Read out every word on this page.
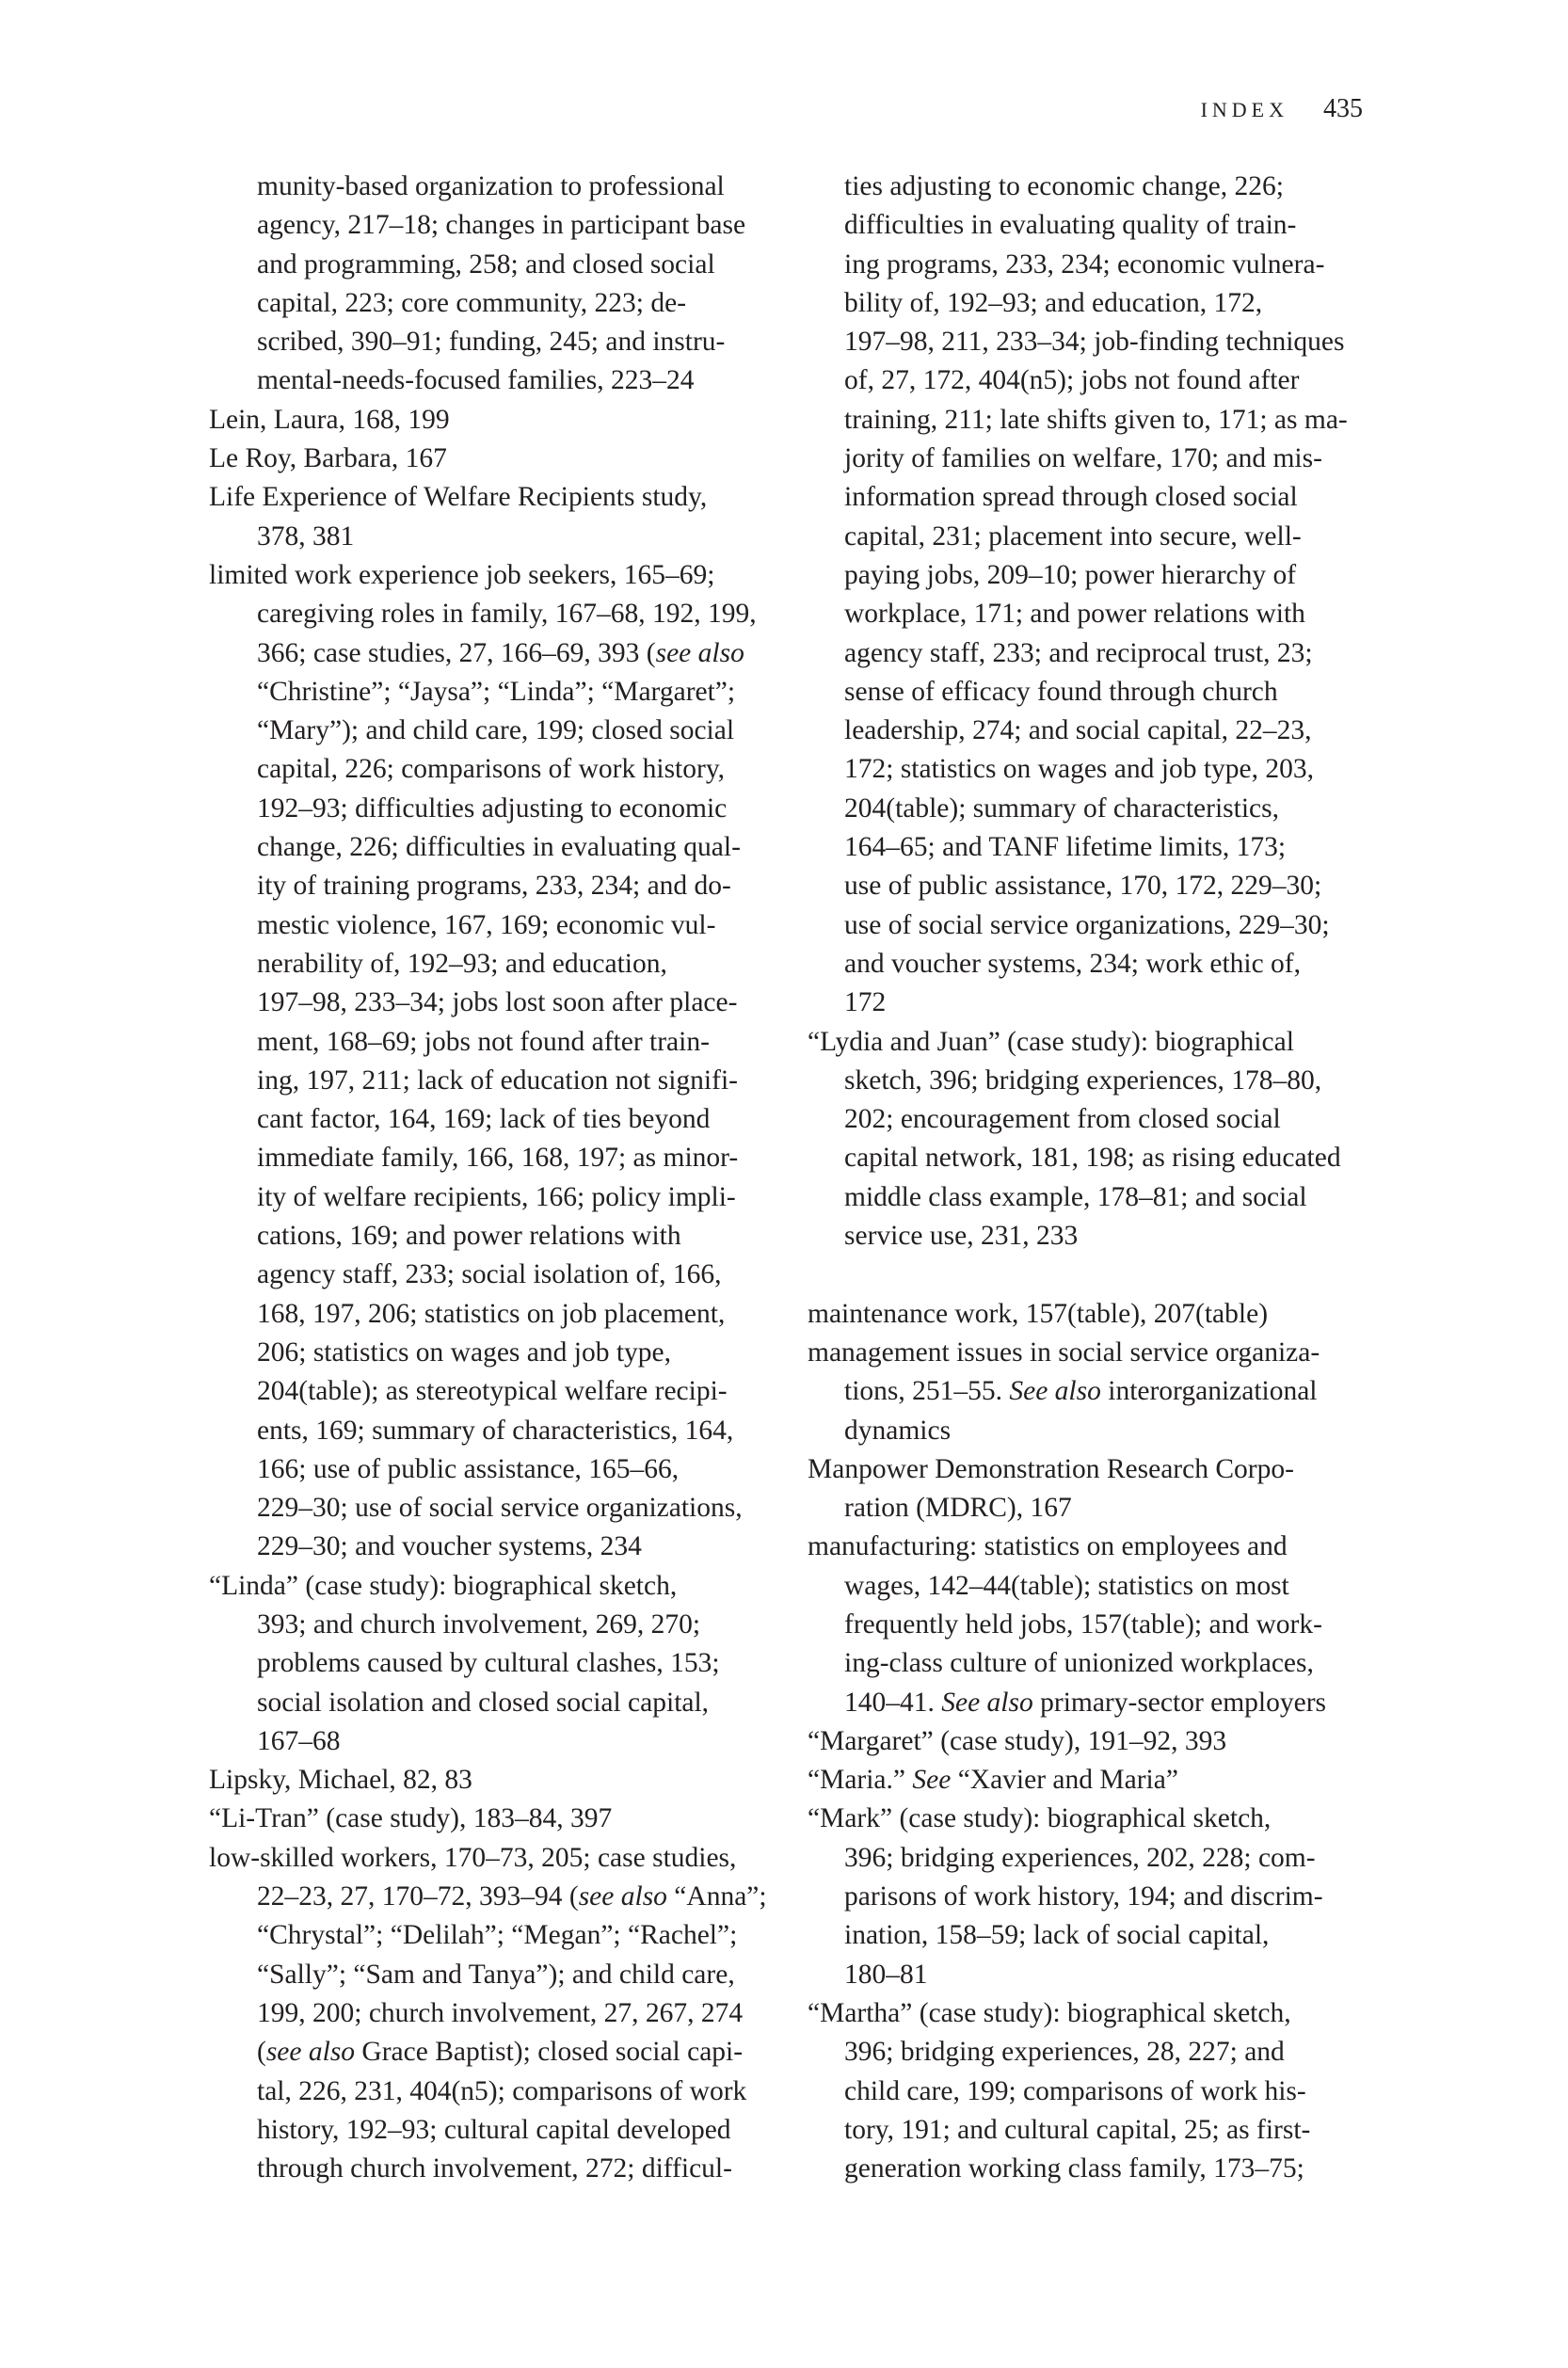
INDEX 435
munity-based organization to professional
agency, 217–18; changes in participant base
and programming, 258; and closed social
capital, 223; core community, 223; de-
scribed, 390–91; funding, 245; and instru-
mental-needs-focused families, 223–24
Lein, Laura, 168, 199
Le Roy, Barbara, 167
Life Experience of Welfare Recipients study,
378, 381
limited work experience job seekers, 165–69;
caregiving roles in family, 167–68, 192, 199,
366; case studies, 27, 166–69, 393 (see also
“Christine”; “Jaysa”; “Linda”; “Margaret”;
“Mary”); and child care, 199; closed social
capital, 226; comparisons of work history,
192–93; difficulties adjusting to economic
change, 226; difficulties in evaluating qual-
ity of training programs, 233, 234; and do-
mestic violence, 167, 169; economic vul-
nerability of, 192–93; and education,
197–98, 233–34; jobs lost soon after place-
ment, 168–69; jobs not found after train-
ing, 197, 211; lack of education not signifi-
cant factor, 164, 169; lack of ties beyond
immediate family, 166, 168, 197; as minor-
ity of welfare recipients, 166; policy impli-
cations, 169; and power relations with
agency staff, 233; social isolation of, 166,
168, 197, 206; statistics on job placement,
206; statistics on wages and job type,
204(table); as stereotypical welfare recipi-
ents, 169; summary of characteristics, 164,
166; use of public assistance, 165–66,
229–30; use of social service organizations,
229–30; and voucher systems, 234
“Linda” (case study): biographical sketch,
393; and church involvement, 269, 270;
problems caused by cultural clashes, 153;
social isolation and closed social capital,
167–68
Lipsky, Michael, 82, 83
“Li-Tran” (case study), 183–84, 397
low-skilled workers, 170–73, 205; case studies,
22–23, 27, 170–72, 393–94 (see also “Anna”;
“Chrystal”; “Delilah”; “Megan”; “Rachel”;
“Sally”; “Sam and Tanya”); and child care,
199, 200; church involvement, 27, 267, 274
(see also Grace Baptist); closed social capi-
tal, 226, 231, 404(n5); comparisons of work
history, 192–93; cultural capital developed
through church involvement, 272; difficul-
ties adjusting to economic change, 226;
difficulties in evaluating quality of train-
ing programs, 233, 234; economic vulnera-
bility of, 192–93; and education, 172,
197–98, 211, 233–34; job-finding techniques
of, 27, 172, 404(n5); jobs not found after
training, 211; late shifts given to, 171; as ma-
jority of families on welfare, 170; and mis-
information spread through closed social
capital, 231; placement into secure, well-
paying jobs, 209–10; power hierarchy of
workplace, 171; and power relations with
agency staff, 233; and reciprocal trust, 23;
sense of efficacy found through church
leadership, 274; and social capital, 22–23,
172; statistics on wages and job type, 203,
204(table); summary of characteristics,
164–65; and TANF lifetime limits, 173;
use of public assistance, 170, 172, 229–30;
use of social service organizations, 229–30;
and voucher systems, 234; work ethic of,
172
“Lydia and Juan” (case study): biographical
sketch, 396; bridging experiences, 178–80,
202; encouragement from closed social
capital network, 181, 198; as rising educated
middle class example, 178–81; and social
service use, 231, 233
maintenance work, 157(table), 207(table)
management issues in social service organiza-
tions, 251–55. See also interorganizational
dynamics
Manpower Demonstration Research Corpo-
ration (MDRC), 167
manufacturing: statistics on employees and
wages, 142–44(table); statistics on most
frequently held jobs, 157(table); and work-
ing-class culture of unionized workplaces,
140–41. See also primary-sector employers
“Margaret” (case study), 191–92, 393
“Maria.” See “Xavier and Maria”
“Mark” (case study): biographical sketch,
396; bridging experiences, 202, 228; com-
parisons of work history, 194; and discrim-
ination, 158–59; lack of social capital,
180–81
“Martha” (case study): biographical sketch,
396; bridging experiences, 28, 227; and
child care, 199; comparisons of work his-
tory, 191; and cultural capital, 25; as first-
generation working class family, 173–75;
